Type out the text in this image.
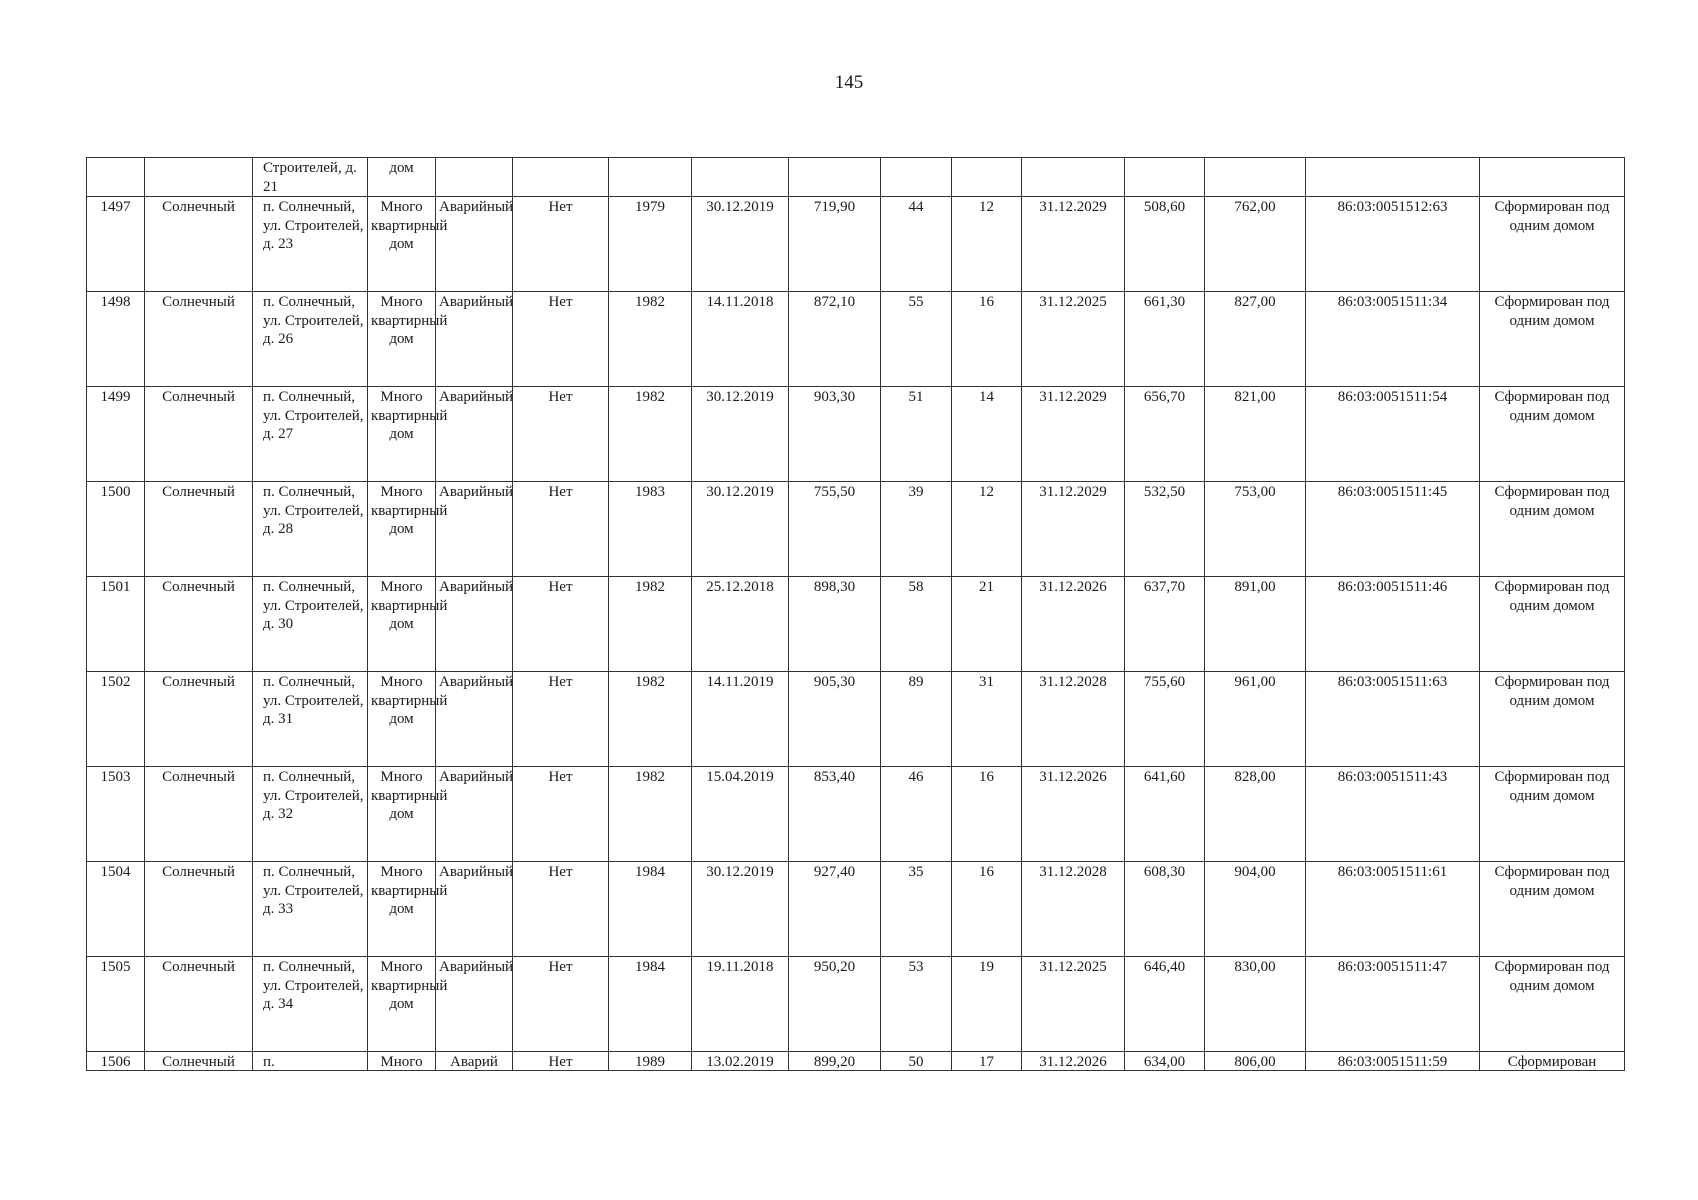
145
		Строителей, д. 21	дом												
1497	Солнечный	п. Солнечный, ул. Строителей, д. 23	Много квартирный дом	Аварийный	Нет	1979	30.12.2019	719,90	44	12	31.12.2029	508,60	762,00	86:03:0051512:63	Сформирован под одним домом
1498	Солнечный	п. Солнечный, ул. Строителей, д. 26	Много квартирный дом	Аварийный	Нет	1982	14.11.2018	872,10	55	16	31.12.2025	661,30	827,00	86:03:0051511:34	Сформирован под одним домом
1499	Солнечный	п. Солнечный, ул. Строителей, д. 27	Много квартирный дом	Аварийный	Нет	1982	30.12.2019	903,30	51	14	31.12.2029	656,70	821,00	86:03:0051511:54	Сформирован под одним домом
1500	Солнечный	п. Солнечный, ул. Строителей, д. 28	Много квартирный дом	Аварийный	Нет	1983	30.12.2019	755,50	39	12	31.12.2029	532,50	753,00	86:03:0051511:45	Сформирован под одним домом
1501	Солнечный	п. Солнечный, ул. Строителей, д. 30	Много квартирный дом	Аварийный	Нет	1982	25.12.2018	898,30	58	21	31.12.2026	637,70	891,00	86:03:0051511:46	Сформирован под одним домом
1502	Солнечный	п. Солнечный, ул. Строителей, д. 31	Много квартирный дом	Аварийный	Нет	1982	14.11.2019	905,30	89	31	31.12.2028	755,60	961,00	86:03:0051511:63	Сформирован под одним домом
1503	Солнечный	п. Солнечный, ул. Строителей, д. 32	Много квартирный дом	Аварийный	Нет	1982	15.04.2019	853,40	46	16	31.12.2026	641,60	828,00	86:03:0051511:43	Сформирован под одним домом
1504	Солнечный	п. Солнечный, ул. Строителей, д. 33	Много квартирный дом	Аварийный	Нет	1984	30.12.2019	927,40	35	16	31.12.2028	608,30	904,00	86:03:0051511:61	Сформирован под одним домом
1505	Солнечный	п. Солнечный, ул. Строителей, д. 34	Много квартирный дом	Аварийный	Нет	1984	19.11.2018	950,20	53	19	31.12.2025	646,40	830,00	86:03:0051511:47	Сформирован под одним домом

1506	Солнечный	п.	Много	Аварий	Нет	1989	13.02.2019	899,20	50	17	31.12.2026	634,00	806,00	86:03:0051511:59	Сформирован
